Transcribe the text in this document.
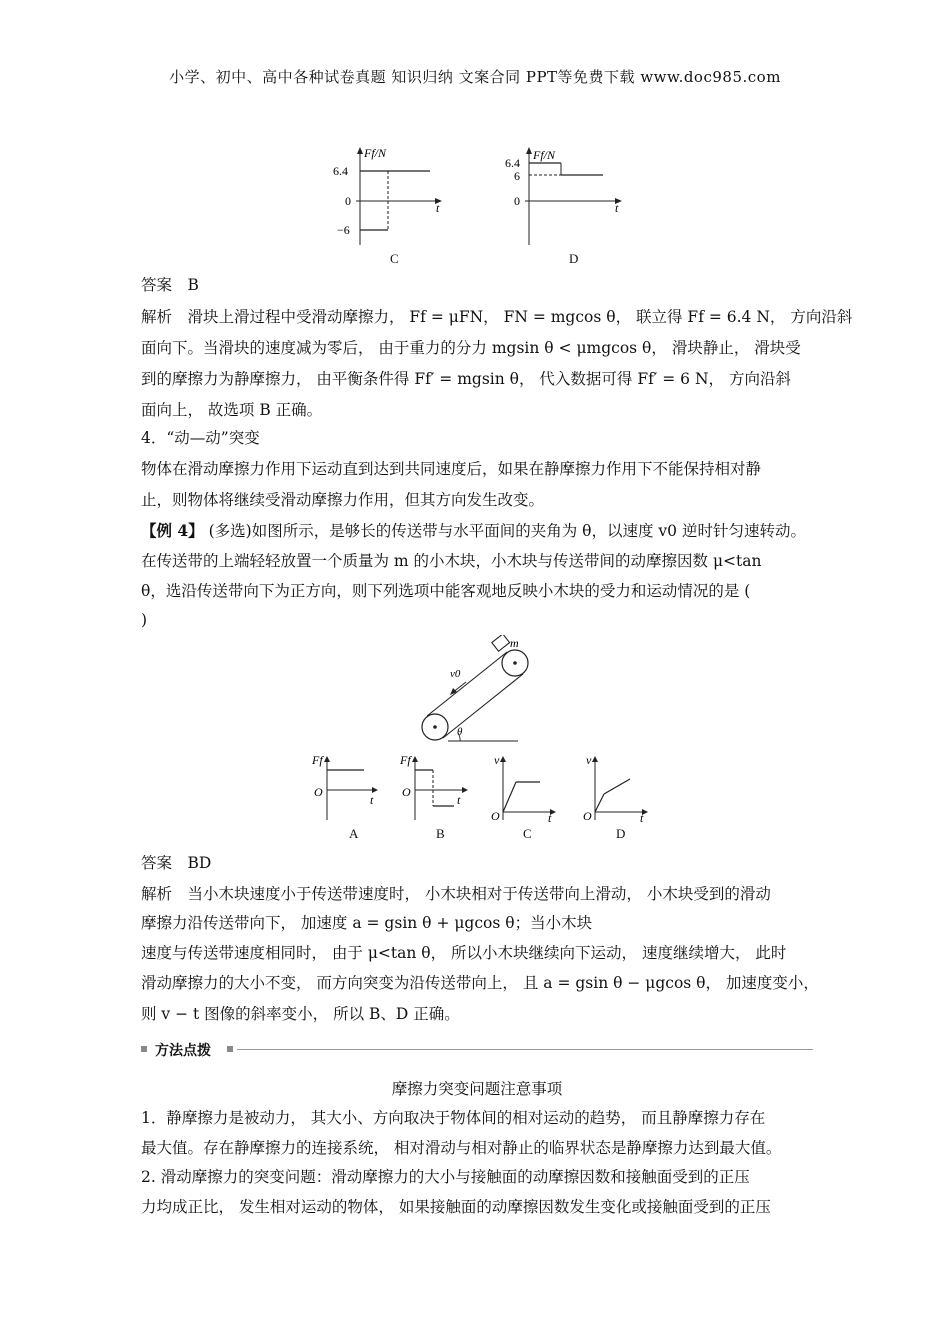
小学、初中、高中各种试卷真题 知识归纳 文案合同 PPT等免费下载 www.doc985.com
Ff/N
6.4
0
−6
t
C
Ff/N
6.4
6
0	t
D
答案　B
解析　滑块上滑过程中受滑动摩擦力， Ff = μFN， FN = mgcos θ， 联立得 Ff = 6.4 N， 方向沿斜
面向下。当滑块的速度减为零后， 由于重力的分力 mgsin θ < μmgcos θ， 滑块静止， 滑块受
到的摩擦力为静摩擦力， 由平衡条件得 Ff′ = mgsin θ， 代入数据可得 Ff′ = 6 N， 方向沿斜
面向上， 故选项 B 正确。
4．“动—动”突变
物体在滑动摩擦力作用下运动直到达到共同速度后，如果在静摩擦力作用下不能保持相对静
止，则物体将继续受滑动摩擦力作用，但其方向发生改变。
【例 4】 (多选)如图所示，是够长的传送带与水平面间的夹角为 θ，以速度 v0 逆时针匀速转动。
在传送带的上端轻轻放置一个质量为 m 的小木块，小木块与传送带间的动摩擦因数 μ<tan
θ，选沿传送带向下为正方向，则下列选项中能客观地反映小木块的受力和运动情况的是 (
)
m
v0
θ
Ff
O
t
A
Ff
O
t
B
v
O	t
C
v
O	t
D
答案　BD
解析　当小木块速度小于传送带速度时， 小木块相对于传送带向上滑动， 小木块受到的滑动
摩擦力沿传送带向下， 加速度 a = gsin θ + μgcos θ；当小木块
速度与传送带速度相同时， 由于 μ<tan θ， 所以小木块继续向下运动， 速度继续增大， 此时
滑动摩擦力的大小不变， 而方向突变为沿传送带向上， 且 a = gsin θ − μgcos θ， 加速度变小，
则 v − t 图像的斜率变小， 所以 B、D 正确。
方法点拨
摩擦力突变问题注意事项
1．静摩擦力是被动力， 其大小、方向取决于物体间的相对运动的趋势， 而且静摩擦力存在
最大值。存在静摩擦力的连接系统， 相对滑动与相对静止的临界状态是静摩擦力达到最大值。
2. 滑动摩擦力的突变问题：滑动摩擦力的大小与接触面的动摩擦因数和接触面受到的正压
力均成正比， 发生相对运动的物体， 如果接触面的动摩擦因数发生变化或接触面受到的正压
